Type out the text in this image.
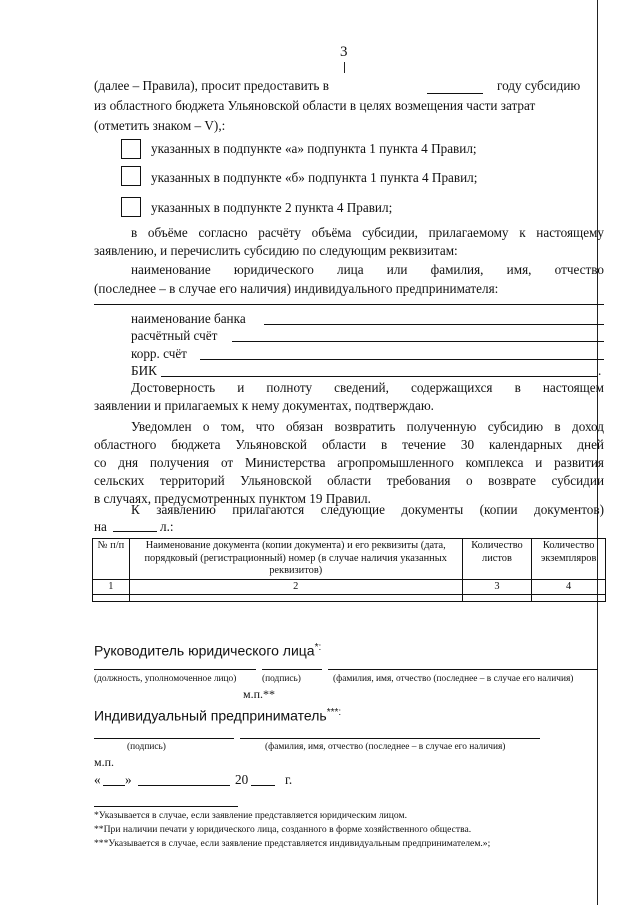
3
(далее – Правила), просит предоставить в	году субсидию
из областного бюджета Ульяновской области в целях возмещения части затрат
(отметить знаком – V),:
указанных в подпункте «а» подпункта 1 пункта 4 Правил;
указанных в подпункте «б» подпункта 1 пункта 4 Правил;
указанных в подпункте 2 пункта 4 Правил;
в объёме согласно расчёту объёма субсидии, прилагаемому к настоящему
заявлению, и перечислить субсидию по следующим реквизитам:
наименование юридического лица или фамилия, имя, отчество
(последнее – в случае его наличия) индивидуального предпринимателя:
наименование банка
расчётный счёт
корр. счёт
БИК	.
Достоверность и полноту сведений, содержащихся в настоящем
заявлении и прилагаемых к нему документах, подтверждаю.
Уведомлен о том, что обязан возвратить полученную субсидию в доход
областного бюджета Ульяновской области в течение 30 календарных дней
со дня получения от Министерства агропромышленного комплекса и развития
сельских территорий Ульяновской области требования о возврате субсидии
в случаях, предусмотренных пунктом 19 Правил.
К заявлению прилагаются следующие документы (копии документов)
на	л.:
№ п/п	Наименование документа (копии документа) и его реквизиты (дата, порядковый (регистрационный) номер (в случае наличия указанных реквизитов)	Количество листов	Количество экземпляров
1	2	3	4

Руководитель юридического лица*:
(должность, уполномоченное лицо)	(подпись)	(фамилия, имя, отчество (последнее – в случае его наличия)
м.п.**
Индивидуальный предприниматель***:
(подпись)	(фамилия, имя, отчество (последнее – в случае его наличия)
м.п.
« »	20	г.
*Указывается в случае, если заявление представляется юридическим лицом.
**При наличии печати у юридического лица, созданного в форме хозяйственного общества.
***Указывается в случае, если заявление представляется индивидуальным предпринимателем.»;
